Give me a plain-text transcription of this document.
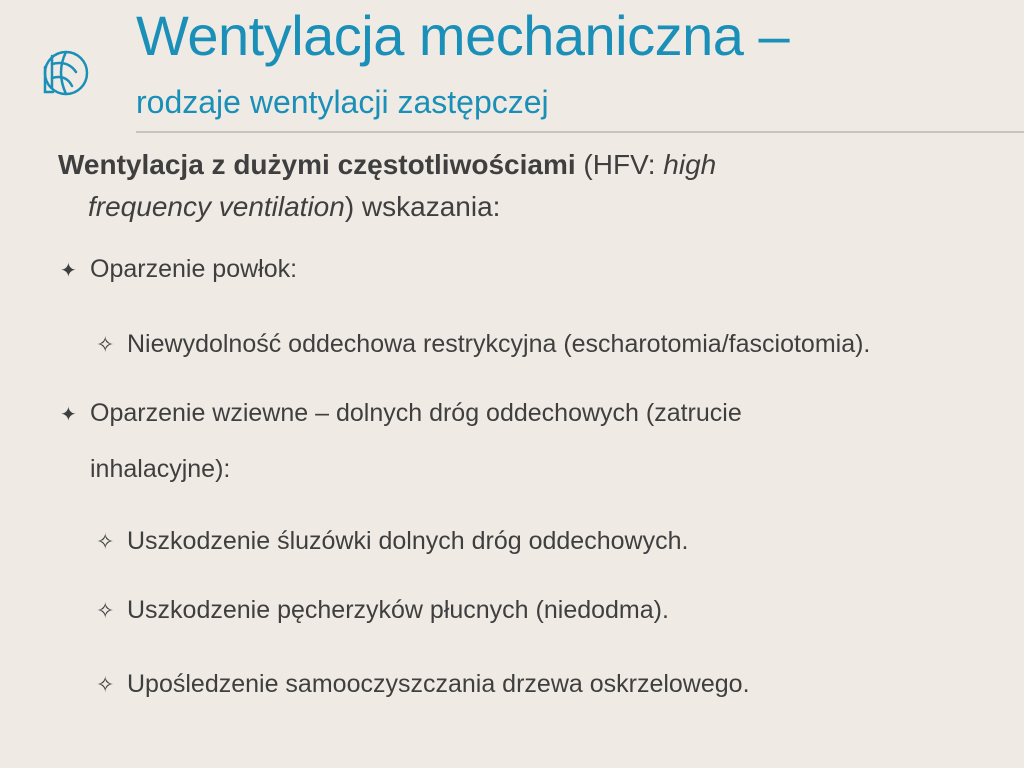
Wentylacja mechaniczna –
rodzaje wentylacji zastępczej

Wentylacja z dużymi częstotliwościami (HFV: high
frequency ventilation) wskazania:

✦ Oparzenie powłok:
✧ Niewydolność oddechowa restrykcyjna (escharotomia/fasciotomia).
✦ Oparzenie wziewne – dolnych dróg oddechowych (zatrucie
inhalacyjne):
✧ Uszkodzenie śluzówki dolnych dróg oddechowych.
✧ Uszkodzenie pęcherzyków płucnych (niedodma).
✧ Upośledzenie samooczyszczania drzewa oskrzelowego.
